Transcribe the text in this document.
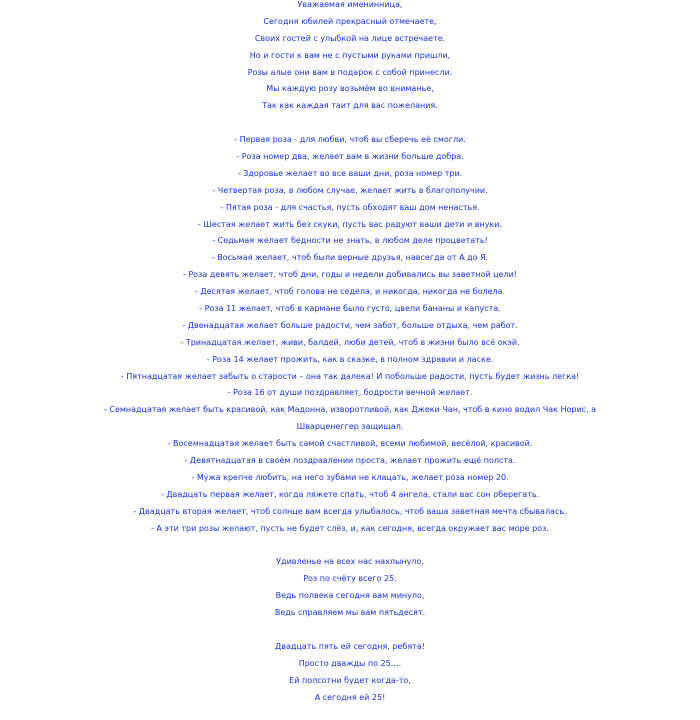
Уважаемая именинница,
Сегодня юбилей прекрасный отмечаете,
Своих гостей с улыбкой на лице встречаете.
Но и гости к вам не с пустыми руками пришли,
Розы алые они вам в подарок с собой принесли.
Мы каждую розу возьмём во вниманье,
Так как каждая таит для вас пожелания.
- Первая роза - для любви, чтоб вы сберечь её смогли.
- Роза номер два, желает вам в жизни больше добра.
- Здоровье желает во все ваши дни, роза номер три.
- Четвертая роза, в любом случае, желает жить в благополучии.
- Пятая роза - для счастья, пусть обходят ваш дом ненастья.
- Шестая желает жить без скуки, пусть вас радуют ваши дети и внуки.
- Седьмая желает бедности не знать, в любом деле процветать!
- Восьмая желает, чтоб были верные друзья, навсегда от А до Я.
- Роза девять желает, чтоб дни, годы и недели добивались вы заветной цели!
- Десятая желает, чтоб голова не седела, и никогда, никогда не болела.
- Роза 11 желает, чтоб в кармане было густо, цвели бананы и капуста.
- Двенадцатая желает больше радости, чем забот, больше отдыха, чем работ.
- Тринадцатая желает, живи, балдей, люби детей, чтоб в жизни было всё окэй.
- Роза 14 желает прожить, как в сказке, в полном здравии и ласке.
- Пятнадцатая желает забыть о старости – она так далека! И побольше радости, пусть будет жизнь легка!
- Роза 16 от души поздравляет, бодрости вечной желает.
- Семнадцатая желает быть красивой, как Мадонна, изворотливой, как Джеки Чан, чтоб в кино водил Чак Норис, а
Шварценеггер защищал.
- Восемнадцатая желает быть самой счастливой, всеми любимой, весёлой, красивой.
- Девятнадцатая в своём поздравлении проста, желает прожить ещё полста.
- Мужа крепче любить, на него зубами не клацать, желает роза номер 20.
- Двадцать первая желает, когда ляжете спать, чтоб 4 ангела, стали вас сон оберегать.
- Двадцать вторая желает, чтоб солнце вам всегда улыбалось, чтоб ваша заветная мечта сбывалась.
- А эти три розы желают, пусть не будет слёз, и, как сегодня, всегда окружает вас море роз.
Удивленье на всех нас нахлынуло,
Роз по счёту всего 25.
Ведь полвека сегодня вам минуло,
Ведь справляем мы вам пятьдесят.
Двадцать пять ей сегодня, ребята!
Просто дважды по 25….
Ей полсотни будет когда-то,
А сегодня ей 25!
